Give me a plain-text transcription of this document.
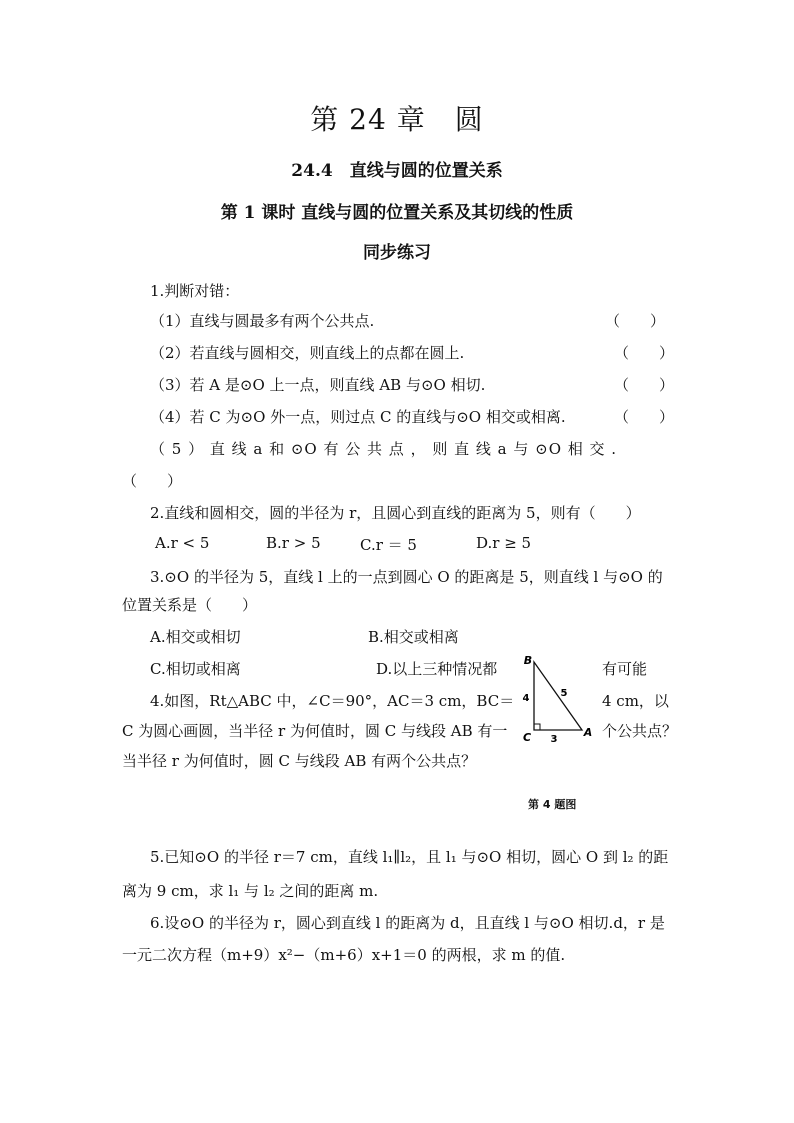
第 24 章　圆
24.4　直线与圆的位置关系
第 1 课时 直线与圆的位置关系及其切线的性质
同步练习
1.判断对错：
（1）直线与圆最多有两个公共点.	（　　）
（2）若直线与圆相交，则直线上的点都在圆上.	（　　）
（3）若 A 是⊙O 上一点，则直线 AB 与⊙O 相切.	（　　）
（4）若 C 为⊙O 外一点，则过点 C 的直线与⊙O 相交或相离.	（　　）
（ 5 ） 直 线 a 和 ⊙O 有 公 共 点 ， 则 直 线 a 与 ⊙O 相 交 .
（　　）
2.直线和圆相交，圆的半径为 r，且圆心到直线的距离为 5，则有（　　）
A.r < 5	B.r > 5	C.r ＝ 5	D.r ≥ 5
3.⊙O 的半径为 5，直线 l 上的一点到圆心 O 的距离是 5，则直线 l 与⊙O 的
位置关系是（　　）
A.相交或相切	B.相交或相离
C.相切或相离	D.以上三种情况都	有可能
4.如图，Rt△ABC 中，∠C＝90°，AC＝3 cm，BC＝	4 cm，以
C 为圆心画圆，当半径 r 为何值时，圆 C 与线段 AB 有一	个公共点？
当半径 r 为何值时，圆 C 与线段 AB 有两个公共点？
B
C	A
4
3
5
第 4 题图
5.已知⊙O 的半径 r＝7 cm，直线 l₁∥l₂，且 l₁ 与⊙O 相切，圆心 O 到 l₂ 的距
离为 9 cm，求 l₁ 与 l₂ 之间的距离 m.
6.设⊙O 的半径为 r，圆心到直线 l 的距离为 d，且直线 l 与⊙O 相切.d，r 是
一元二次方程（m+9）x²−（m+6）x+1＝0 的两根，求 m 的值.
